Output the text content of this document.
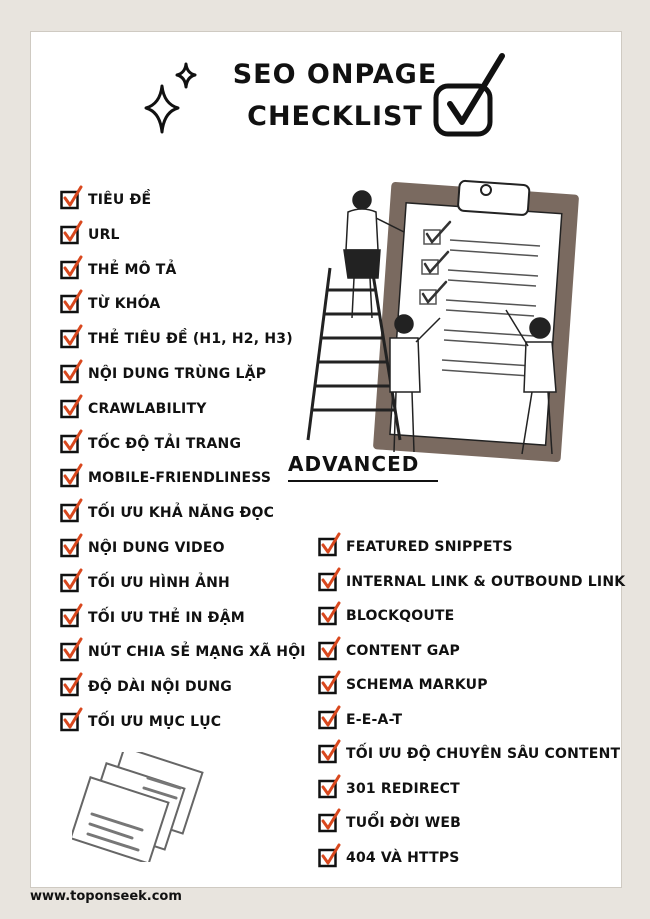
SEO ONPAGE
CHECKLIST
TIÊU ĐỀ
URL
THẺ MÔ TẢ
TỪ KHÓA
THẺ TIÊU ĐỀ (H1, H2, H3)
NỘI DUNG TRÙNG LẶP
CRAWLABILITY
TỐC ĐỘ TẢI TRANG
MOBILE-FRIENDLINESS
TỐI ƯU KHẢ NĂNG ĐỌC
NỘI DUNG VIDEO
TỐI ƯU HÌNH ẢNH
TỐI ƯU THẺ IN ĐẬM
NÚT CHIA SẺ MẠNG XÃ HỘI
ĐỘ DÀI NỘI DUNG
TỐI ƯU MỤC LỤC
FEATURED SNIPPETS
INTERNAL LINK & OUTBOUND LINK
BLOCKQOUTE
CONTENT GAP
SCHEMA MARKUP
E-E-A-T
TỐI ƯU ĐỘ CHUYÊN SÂU CONTENT
301 REDIRECT
TUỔI ĐỜI WEB
404 VÀ HTTPS
ADVANCED
www.toponseek.com
